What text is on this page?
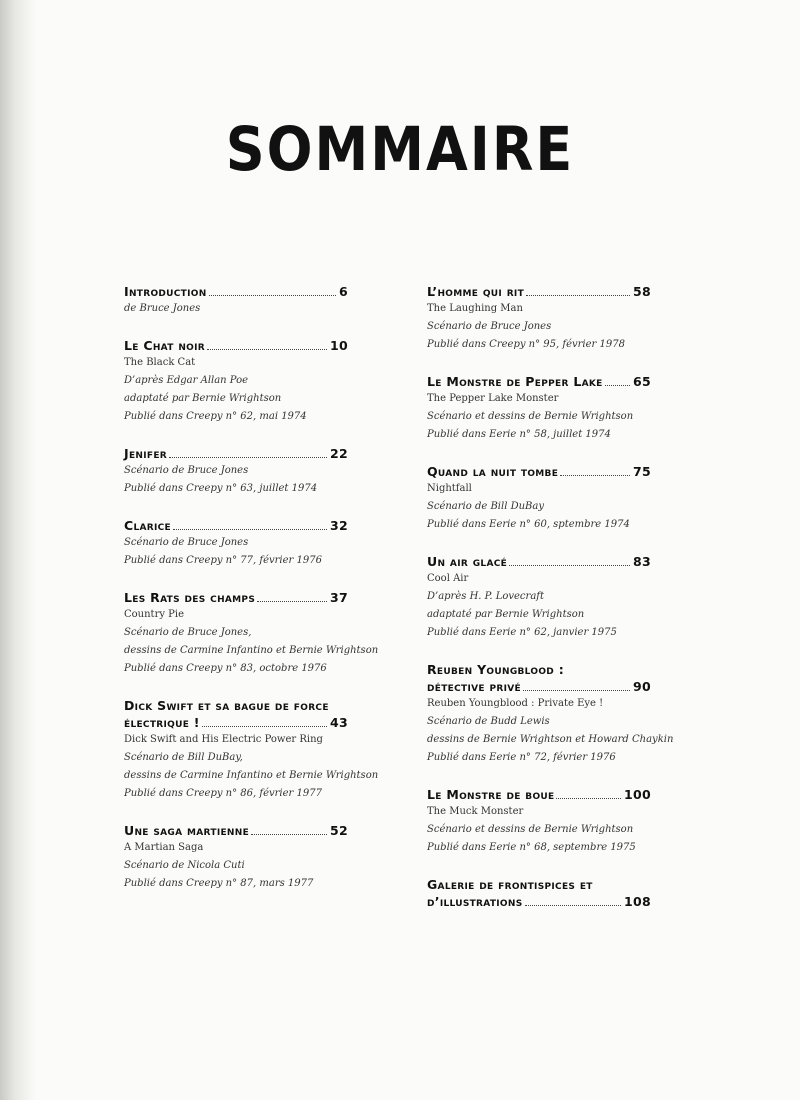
SOMMAIRE
Introduction	6
de Bruce Jones
Le Chat noir	10
The Black Cat
D’après Edgar Allan Poe
adaptaté par Bernie Wrightson
Publié dans Creepy n° 62, mai 1974
Jenifer	22
Scénario de Bruce Jones
Publié dans Creepy n° 63, juillet 1974
Clarice	32
Scénario de Bruce Jones
Publié dans Creepy n° 77, février 1976
Les Rats des champs	37
Country Pie
Scénario de Bruce Jones,
dessins de Carmine Infantino et Bernie Wrightson
Publié dans Creepy n° 83, octobre 1976
Dick Swift et sa bague de force
électrique !	43
Dick Swift and His Electric Power Ring
Scénario de Bill DuBay,
dessins de Carmine Infantino et Bernie Wrightson
Publié dans Creepy n° 86, février 1977
Une saga martienne	52
A Martian Saga
Scénario de Nicola Cuti
Publié dans Creepy n° 87, mars 1977
L’homme qui rit	58
The Laughing Man
Scénario de Bruce Jones
Publié dans Creepy n° 95, février 1978
Le Monstre de Pepper Lake 65
The Pepper Lake Monster
Scénario et dessins de Bernie Wrightson
Publié dans Eerie n° 58, juillet 1974
Quand la nuit tombe	75
Nightfall
Scénario de Bill DuBay
Publié dans Eerie n° 60, sptembre 1974
Un air glacé	83
Cool Air
D’après H. P. Lovecraft
adaptaté par Bernie Wrightson
Publié dans Eerie n° 62, janvier 1975
Reuben Youngblood :
détective privé	90
Reuben Youngblood : Private Eye !
Scénario de Budd Lewis
dessins de Bernie Wrightson et Howard Chaykin
Publié dans Eerie n° 72, février 1976
Le Monstre de boue	100
The Muck Monster
Scénario et dessins de Bernie Wrightson
Publié dans Eerie n° 68, septembre 1975
Galerie de frontispices et
d’illustrations	108
